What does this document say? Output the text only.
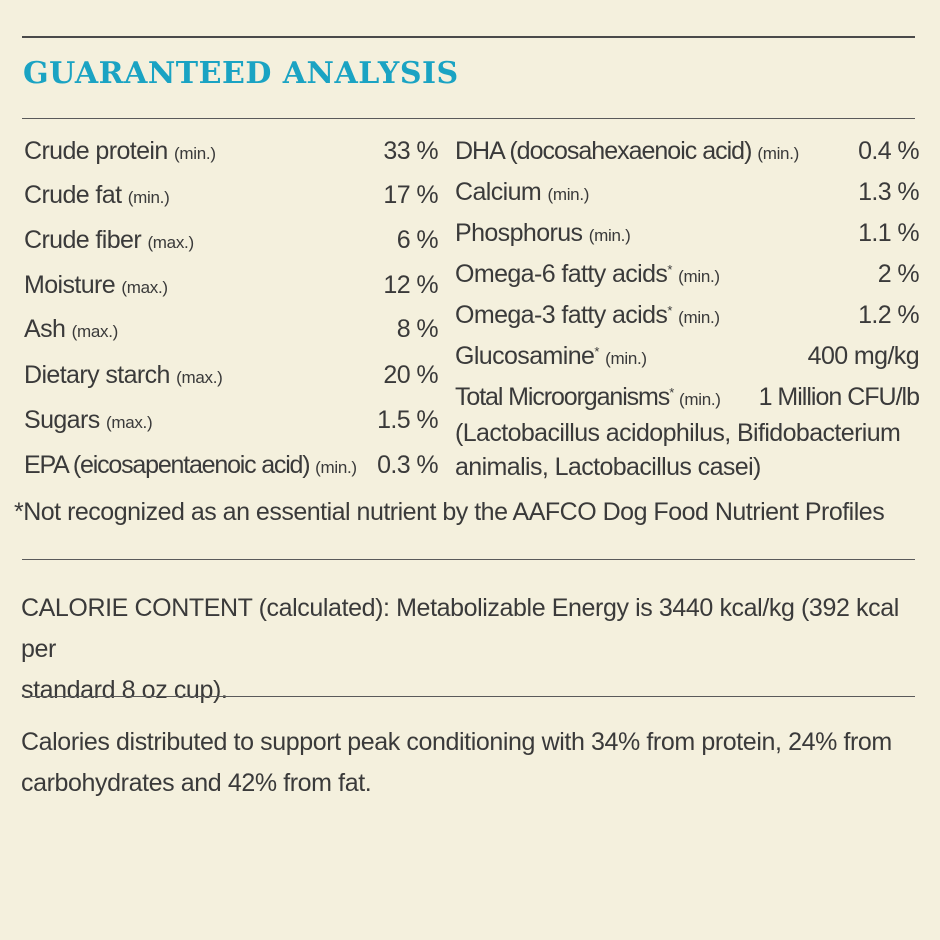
GUARANTEED ANALYSIS
Crude protein (min.)	33 %
Crude fat (min.)	17 %
Crude fiber (max.)	6 %
Moisture (max.)	12 %
Ash (max.)	8 %
Dietary starch (max.)	20 %
Sugars (max.)	1.5 %
EPA (eicosapentaenoic acid) (min.) 0.3 %
DHA (docosahexaenoic acid) (min.) 0.4 %
Calcium (min.)	1.3 %
Phosphorus (min.)	1.1 %
Omega-6 fatty acids* (min.)	2 %
Omega-3 fatty acids* (min.)	1.2 %
Glucosamine* (min.)	400 mg/kg
Total Microorganisms* (min.) 1 Million CFU/lb
(Lactobacillus acidophilus, Bifidobacterium
animalis, Lactobacillus casei)
*Not recognized as an essential nutrient by the AAFCO Dog Food Nutrient Profiles
CALORIE CONTENT (calculated): Metabolizable Energy is 3440 kcal/kg (392 kcal per
standard 8 oz cup).
Calories distributed to support peak conditioning with 34% from protein, 24% from
carbohydrates and 42% from fat.
